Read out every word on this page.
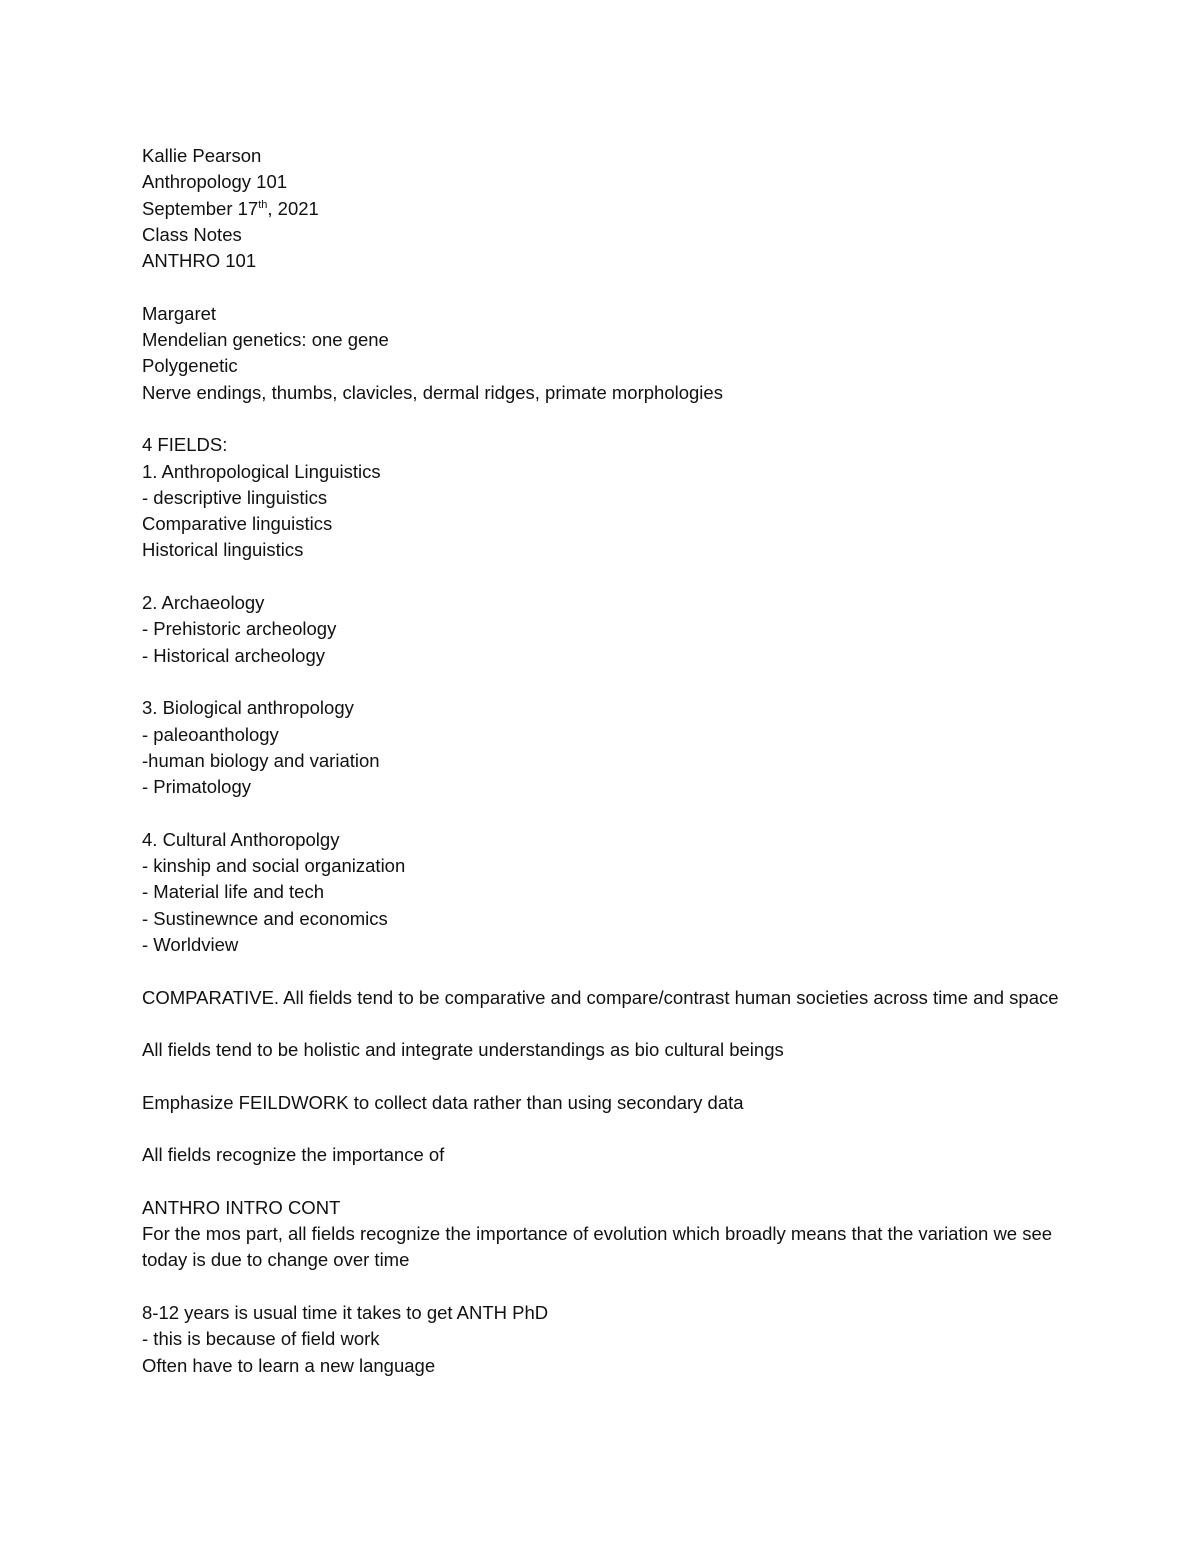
Kallie Pearson
Anthropology 101
September 17th, 2021
Class Notes
ANTHRO 101
Margaret
Mendelian genetics: one gene
Polygenetic
Nerve endings, thumbs, clavicles, dermal ridges, primate morphologies
4 FIELDS:
1. Anthropological Linguistics
- descriptive linguistics
Comparative linguistics
Historical linguistics
2. Archaeology
- Prehistoric archeology
- Historical archeology
3. Biological anthropology
- paleoanthology
-human biology and variation
- Primatology
4. Cultural Anthoropolgy
- kinship and social organization
- Material life and tech
- Sustinewnce and economics
- Worldview
COMPARATIVE. All fields tend to be comparative and compare/contrast human societies across time and space
All fields tend to be holistic and integrate understandings as bio cultural beings
Emphasize FEILDWORK to collect data rather than using secondary data
All fields recognize the importance of
ANTHRO INTRO CONT
For the mos part, all fields recognize the importance of evolution which broadly means that the variation we see today is due to change over time
8-12 years is usual time it takes to get ANTH PhD
- this is because of field work
Often have to learn a new language
